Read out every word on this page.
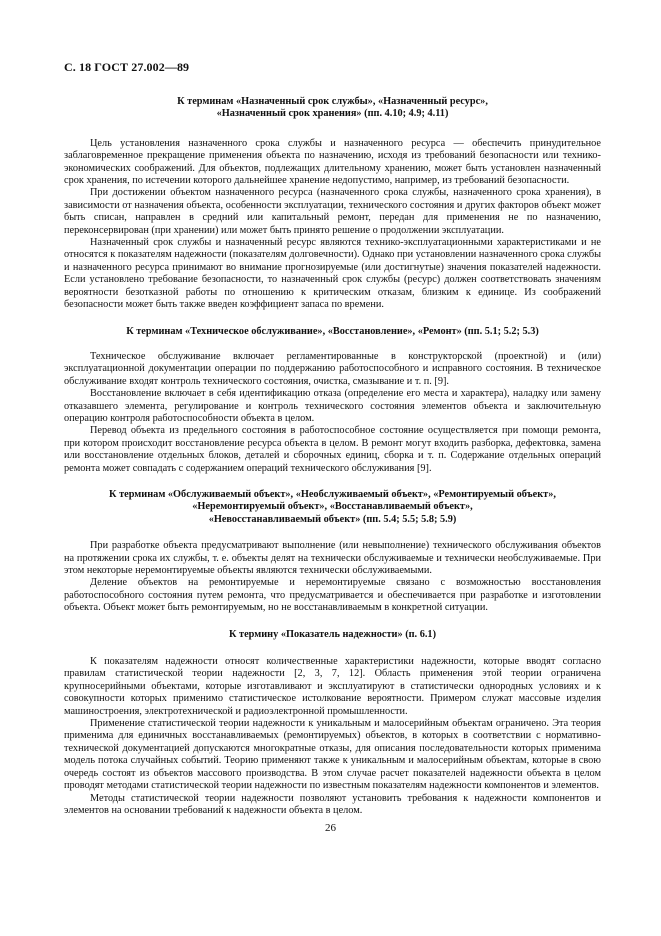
С. 18 ГОСТ 27.002—89
К терминам «Назначенный срок службы», «Назначенный ресурс»,
«Назначенный срок хранения» (пп. 4.10; 4.9; 4.11)

Цель установления назначенного срока службы и назначенного ресурса — обеспечить принудительное заблаговременное прекращение применения объекта по назначению, исходя из требований безопасности или технико-экономических соображений. Для объектов, подлежащих длительному хранению, может быть установлен назначенный срок хранения, по истечении которого дальнейшее хранение недопустимо, например, из требований безопасности.

При достижении объектом назначенного ресурса (назначенного срока службы, назначенного срока хранения), в зависимости от назначения объекта, особенности эксплуатации, технического состояния и других факторов объект может быть списан, направлен в средний или капитальный ремонт, передан для применения не по назначению, переконсервирован (при хранении) или может быть принято решение о продолжении эксплуатации.

Назначенный срок службы и назначенный ресурс являются технико-эксплуатационными характеристиками и не относятся к показателям надежности (показателям долговечности). Однако при установлении назначенного срока службы и назначенного ресурса принимают во внимание прогнозируемые (или достигнутые) значения показателей надежности. Если установлено требование безопасности, то назначенный срок службы (ресурс) должен соответствовать значениям вероятности безотказной работы по отношению к критическим отказам, близким к единице. Из соображений безопасности может быть также введен коэффициент запаса по времени.

К терминам «Техническое обслуживание», «Восстановление», «Ремонт» (пп. 5.1; 5.2; 5.3)

Техническое обслуживание включает регламентированные в конструкторской (проектной) и (или) эксплуатационной документации операции по поддержанию работоспособного и исправного состояния. В техническое обслуживание входят контроль технического состояния, очистка, смазывание и т. п. [9].

Восстановление включает в себя идентификацию отказа (определение его места и характера), наладку или замену отказавшего элемента, регулирование и контроль технического состояния элементов объекта и заключительную операцию контроля работоспособности объекта в целом.

Перевод объекта из предельного состояния в работоспособное состояние осуществляется при помощи ремонта, при котором происходит восстановление ресурса объекта в целом. В ремонт могут входить разборка, дефектовка, замена или восстановление отдельных блоков, деталей и сборочных единиц, сборка и т. п. Содержание отдельных операций ремонта может совпадать с содержанием операций технического обслуживания [9].

К терминам «Обслуживаемый объект», «Необслуживаемый объект», «Ремонтируемый объект»,
«Неремонтируемый объект», «Восстанавливаемый объект»,
«Невосстанавливаемый объект» (пп. 5.4; 5.5; 5.8; 5.9)

При разработке объекта предусматривают выполнение (или невыполнение) технического обслуживания объектов на протяжении срока их службы, т. е. объекты делят на технически обслуживаемые и технически необслуживаемые. При этом некоторые неремонтируемые объекты являются технически обслуживаемыми.

Деление объектов на ремонтируемые и неремонтируемые связано с возможностью восстановления работоспособного состояния путем ремонта, что предусматривается и обеспечивается при разработке и изготовлении объекта. Объект может быть ремонтируемым, но не восстанавливаемым в конкретной ситуации.

К термину «Показатель надежности» (п. 6.1)

К показателям надежности относят количественные характеристики надежности, которые вводят согласно правилам статистической теории надежности [2, 3, 7, 12]. Область применения этой теории ограничена крупносерийными объектами, которые изготавливают и эксплуатируют в статистически однородных условиях и к совокупности которых применимо статистическое истолкование вероятности. Примером служат массовые изделия машиностроения, электротехнической и радиоэлектронной промышленности.

Применение статистической теории надежности к уникальным и малосерийным объектам ограничено. Эта теория применима для единичных восстанавливаемых (ремонтируемых) объектов, в которых в соответствии с нормативно-технической документацией допускаются многократные отказы, для описания последовательности которых применима модель потока случайных событий. Теорию применяют также к уникальным и малосерийным объектам, которые в свою очередь состоят из объектов массового производства. В этом случае расчет показателей надежности объекта в целом проводят методами статистической теории надежности по известным показателям надежности компонентов и элементов.

Методы статистической теории надежности позволяют установить требования к надежности компонентов и элементов на основании требований к надежности объекта в целом.

26
